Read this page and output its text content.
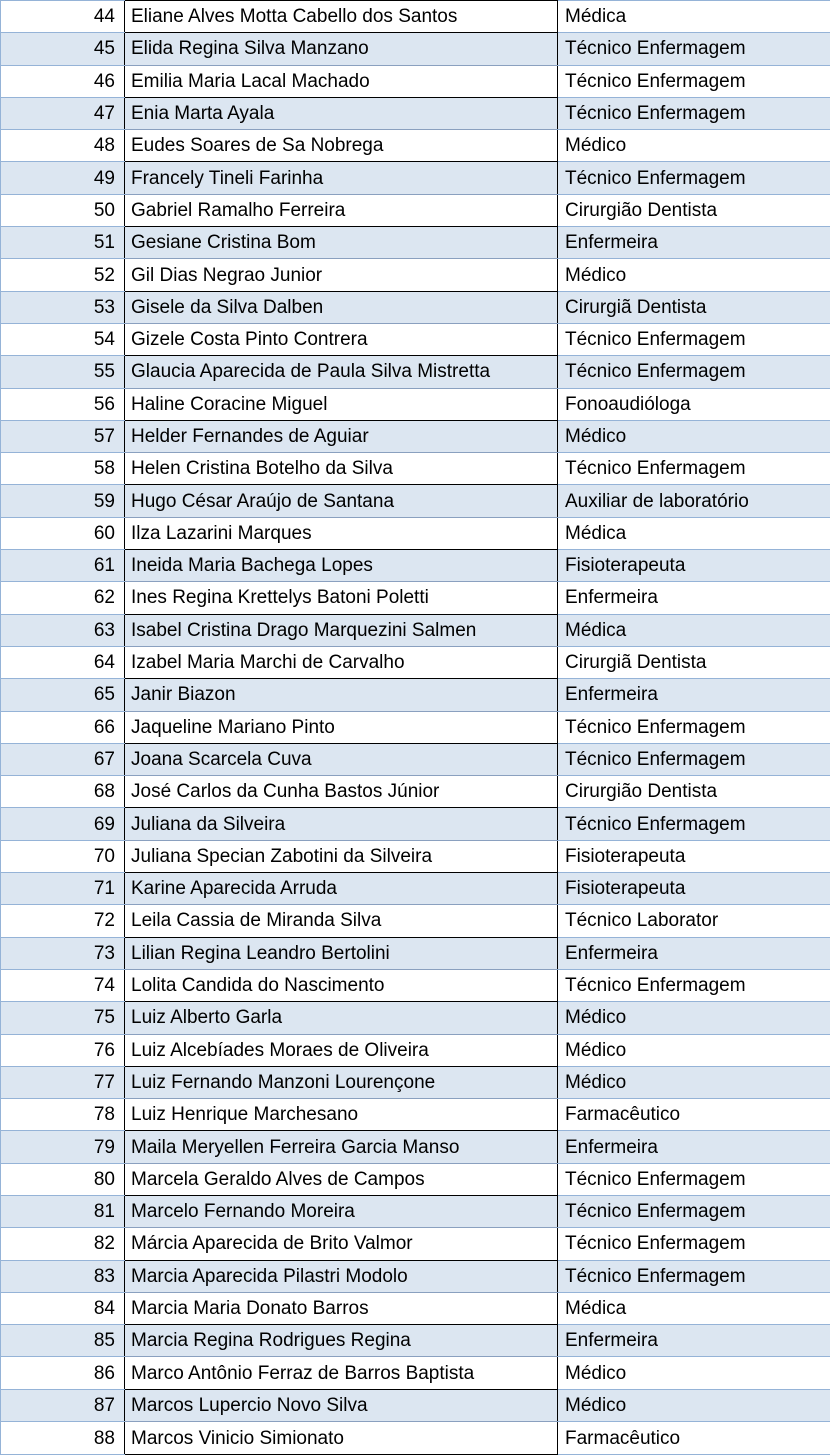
44	Eliane Alves Motta Cabello dos Santos	Médica
45	Elida Regina Silva Manzano	Técnico Enfermagem
46	Emilia Maria Lacal Machado	Técnico Enfermagem
47	Enia Marta Ayala	Técnico Enfermagem
48	Eudes Soares de Sa Nobrega	Médico
49	Francely Tineli Farinha	Técnico Enfermagem
50	Gabriel Ramalho Ferreira	Cirurgião Dentista
51	Gesiane Cristina Bom	Enfermeira
52	Gil Dias Negrao Junior	Médico
53	Gisele da Silva Dalben	Cirurgiã Dentista
54	Gizele Costa Pinto Contrera	Técnico Enfermagem
55	Glaucia Aparecida de Paula Silva Mistretta	Técnico Enfermagem
56	Haline Coracine Miguel	Fonoaudióloga
57	Helder Fernandes de Aguiar	Médico
58	Helen Cristina Botelho da Silva	Técnico Enfermagem
59	Hugo César Araújo de Santana	Auxiliar de laboratório
60	Ilza Lazarini Marques	Médica
61	Ineida Maria Bachega Lopes	Fisioterapeuta
62	Ines Regina Krettelys Batoni Poletti	Enfermeira
63	Isabel Cristina Drago Marquezini Salmen	Médica
64	Izabel Maria Marchi de Carvalho	Cirurgiã Dentista
65	Janir Biazon	Enfermeira
66	Jaqueline Mariano Pinto	Técnico Enfermagem
67	Joana Scarcela Cuva	Técnico Enfermagem
68	José Carlos da Cunha Bastos Júnior	Cirurgião Dentista
69	Juliana da Silveira	Técnico Enfermagem
70	Juliana Specian Zabotini da Silveira	Fisioterapeuta
71	Karine Aparecida Arruda	Fisioterapeuta
72	Leila Cassia de Miranda Silva	Técnico Laborator
73	Lilian Regina Leandro Bertolini	Enfermeira
74	Lolita Candida do Nascimento	Técnico Enfermagem
75	Luiz Alberto Garla	Médico
76	Luiz Alcebíades Moraes de Oliveira	Médico
77	Luiz Fernando Manzoni Lourençone	Médico
78	Luiz Henrique Marchesano	Farmacêutico
79	Maila Meryellen Ferreira Garcia Manso	Enfermeira
80	Marcela Geraldo Alves de Campos	Técnico Enfermagem
81	Marcelo Fernando Moreira	Técnico Enfermagem
82	Márcia Aparecida de Brito Valmor	Técnico Enfermagem
83	Marcia Aparecida Pilastri Modolo	Técnico Enfermagem
84	Marcia Maria Donato Barros	Médica
85	Marcia Regina Rodrigues Regina	Enfermeira
86	Marco Antônio Ferraz de Barros Baptista	Médico
87	Marcos Lupercio Novo Silva	Médico
88	Marcos Vinicio Simionato	Farmacêutico
